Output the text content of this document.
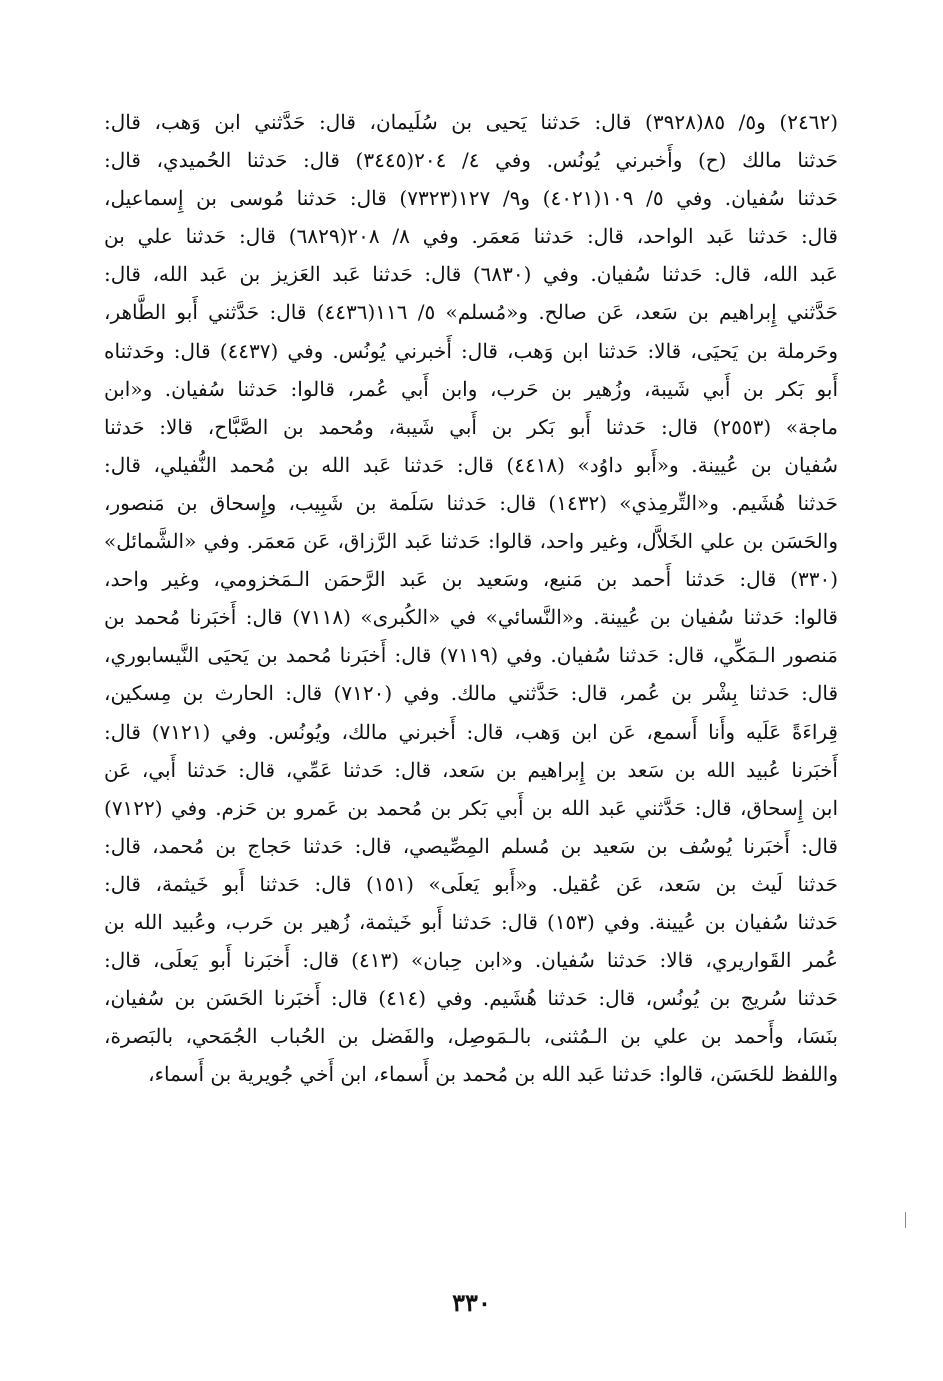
(٢٤٦٢) و٥/ ٨٥(٣٩٢٨) قال: حَدثنا يَحيى بن سُلَيمان، قال: حَدَّثني ابن وَهب، قال:
حَدثنا مالك (ح) وأَخبرني يُونُس. وفي ٤/ ٢٠٤(٣٤٤٥) قال: حَدثنا الحُميدي، قال:
حَدثنا سُفيان. وفي ٥/ ١٠٩(٤٠٢١) و٩/ ١٢٧(٧٣٢٣) قال: حَدثنا مُوسى بن إِسماعيل،
قال: حَدثنا عَبد الواحد، قال: حَدثنا مَعمَر. وفي ٨/ ٢٠٨(٦٨٢٩) قال: حَدثنا علي بن
عَبد الله، قال: حَدثنا سُفيان. وفي (٦٨٣٠) قال: حَدثنا عَبد العَزيز بن عَبد الله، قال:
حَدَّثني إِبراهيم بن سَعد، عَن صالح. و«مُسلم» ٥/ ١١٦(٤٤٣٦) قال: حَدَّثني أَبو الطَّاهر،
وحَرملة بن يَحيَى، قالا: حَدثنا ابن وَهب، قال: أَخبرني يُونُس. وفي (٤٤٣٧) قال: وحَدثناه
أَبو بَكر بن أَبي شَيبة، وزُهير بن حَرب، وابن أَبي عُمر، قالوا: حَدثنا سُفيان. و«ابن
ماجة» (٢٥٥٣) قال: حَدثنا أَبو بَكر بن أَبي شَيبة، ومُحمد بن الصَّبَّاح، قالا: حَدثنا
سُفيان بن عُيينة. و«أَبو داوُد» (٤٤١٨) قال: حَدثنا عَبد الله بن مُحمد النُّفيلي، قال:
حَدثنا هُشَيم. و«التِّرمِذي» (١٤٣٢) قال: حَدثنا سَلَمة بن شَبِيب، وإِسحاق بن مَنصور،
والحَسَن بن علي الخَلاَّل، وغير واحد، قالوا: حَدثنا عَبد الرَّزاق، عَن مَعمَر. وفي «الشَّمائل»
(٣٣٠) قال: حَدثنا أَحمد بن مَنيع، وسَعيد بن عَبد الرَّحمَن الـمَخزومي، وغير واحد،
قالوا: حَدثنا سُفيان بن عُيينة. و«النَّسائي» في «الكُبرى» (٧١١٨) قال: أَخبَرنا مُحمد بن
مَنصور الـمَكِّي، قال: حَدثنا سُفيان. وفي (٧١١٩) قال: أَخبَرنا مُحمد بن يَحيَى النَّيسابوري،
قال: حَدثنا بِشْر بن عُمر، قال: حَدَّثني مالك. وفي (٧١٢٠) قال: الحارث بن مِسكين،
قِراءَةً عَلَيه وأَنا أَسمع، عَن ابن وَهب، قال: أَخبرني مالك، ويُونُس. وفي (٧١٢١) قال:
أَخبَرنا عُبيد الله بن سَعد بن إِبراهيم بن سَعد، قال: حَدثنا عَمِّي، قال: حَدثنا أَبي، عَن
ابن إِسحاق، قال: حَدَّثني عَبد الله بن أَبي بَكر بن مُحمد بن عَمرو بن حَزم. وفي (٧١٢٢)
قال: أَخبَرنا يُوسُف بن سَعيد بن مُسلم المِصِّيصي، قال: حَدثنا حَجاج بن مُحمد، قال:
حَدثنا لَيث بن سَعد، عَن عُقيل. و«أَبو يَعلَى» (١٥١) قال: حَدثنا أَبو خَيثمة، قال:
حَدثنا سُفيان بن عُيينة. وفي (١٥٣) قال: حَدثنا أَبو خَيثمة، زُهير بن حَرب، وعُبيد الله بن
عُمر القَواريري، قالا: حَدثنا سُفيان. و«ابن حِبان» (٤١٣) قال: أَخبَرنا أَبو يَعلَى، قال:
حَدثنا سُريج بن يُونُس، قال: حَدثنا هُشَيم. وفي (٤١٤) قال: أَخبَرنا الحَسَن بن سُفيان،
بنَسَا، وأَحمد بن علي بن الـمُثنى، بالـمَوصِل، والفَضل بن الحُباب الجُمَحي، بالبَصرة،
واللفظ للحَسَن، قالوا: حَدثنا عَبد الله بن مُحمد بن أَسماء، ابن أَخي جُويرية بن أَسماء،
٣٣٠
